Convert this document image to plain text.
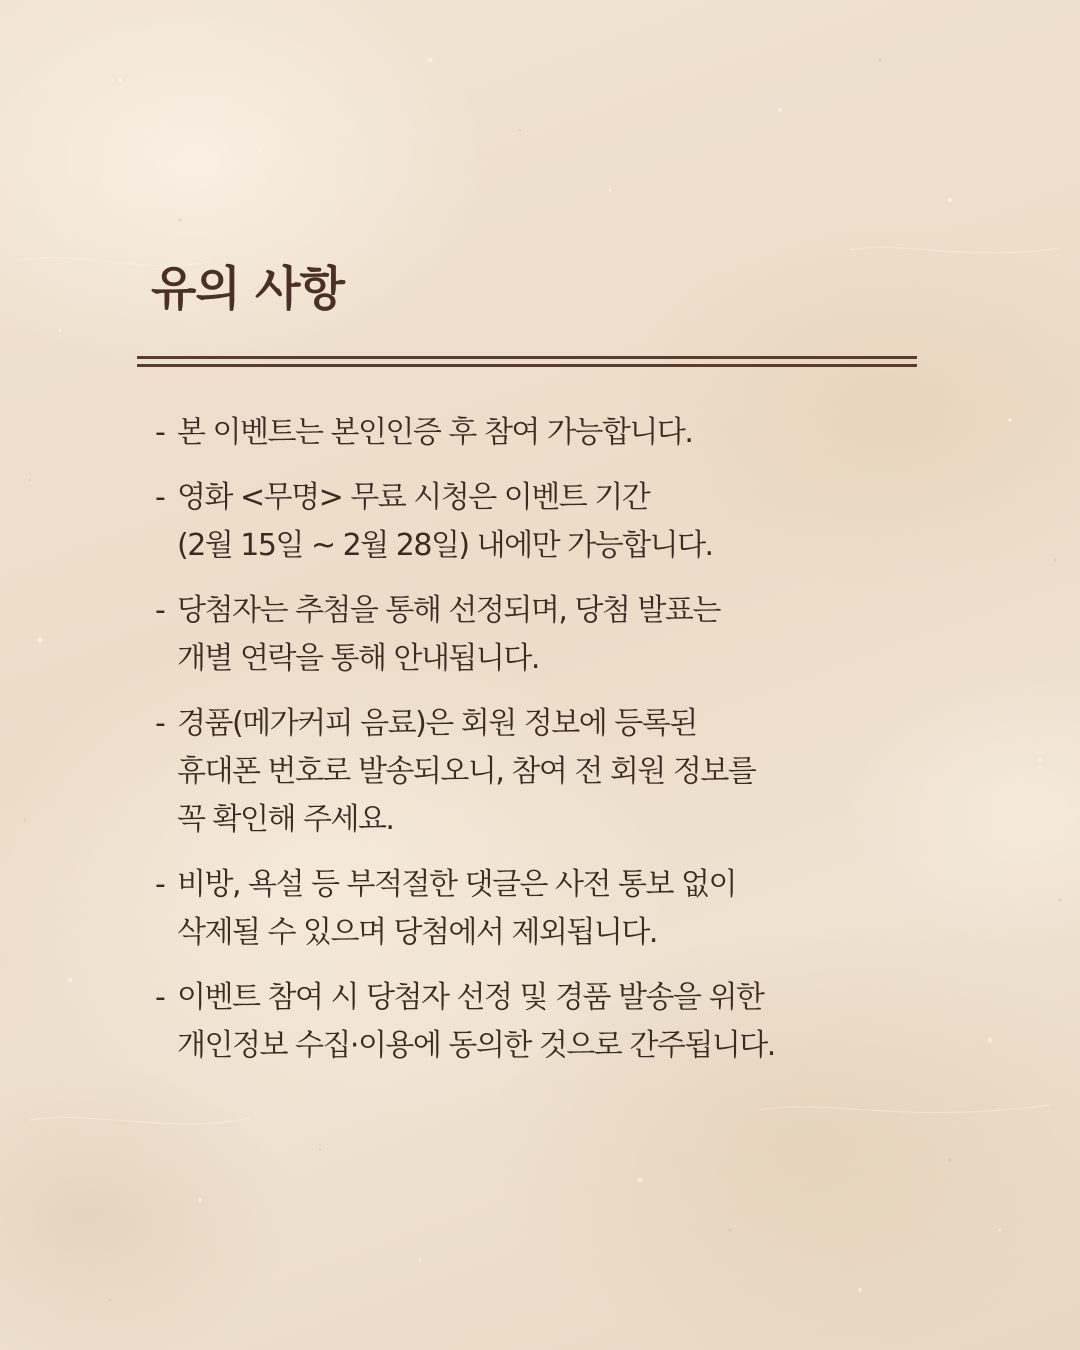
유의 사항
- 본 이벤트는 본인인증 후 참여 가능합니다.
- 영화 <무명> 무료 시청은 이벤트 기간
(2월 15일 ~ 2월 28일) 내에만 가능합니다.
- 당첨자는 추첨을 통해 선정되며, 당첨 발표는
개별 연락을 통해 안내됩니다.
- 경품(메가커피 음료)은 회원 정보에 등록된
휴대폰 번호로 발송되오니, 참여 전 회원 정보를
꼭 확인해 주세요.
- 비방, 욕설 등 부적절한 댓글은 사전 통보 없이
삭제될 수 있으며 당첨에서 제외됩니다.
- 이벤트 참여 시 당첨자 선정 및 경품 발송을 위한
개인정보 수집·이용에 동의한 것으로 간주됩니다.
